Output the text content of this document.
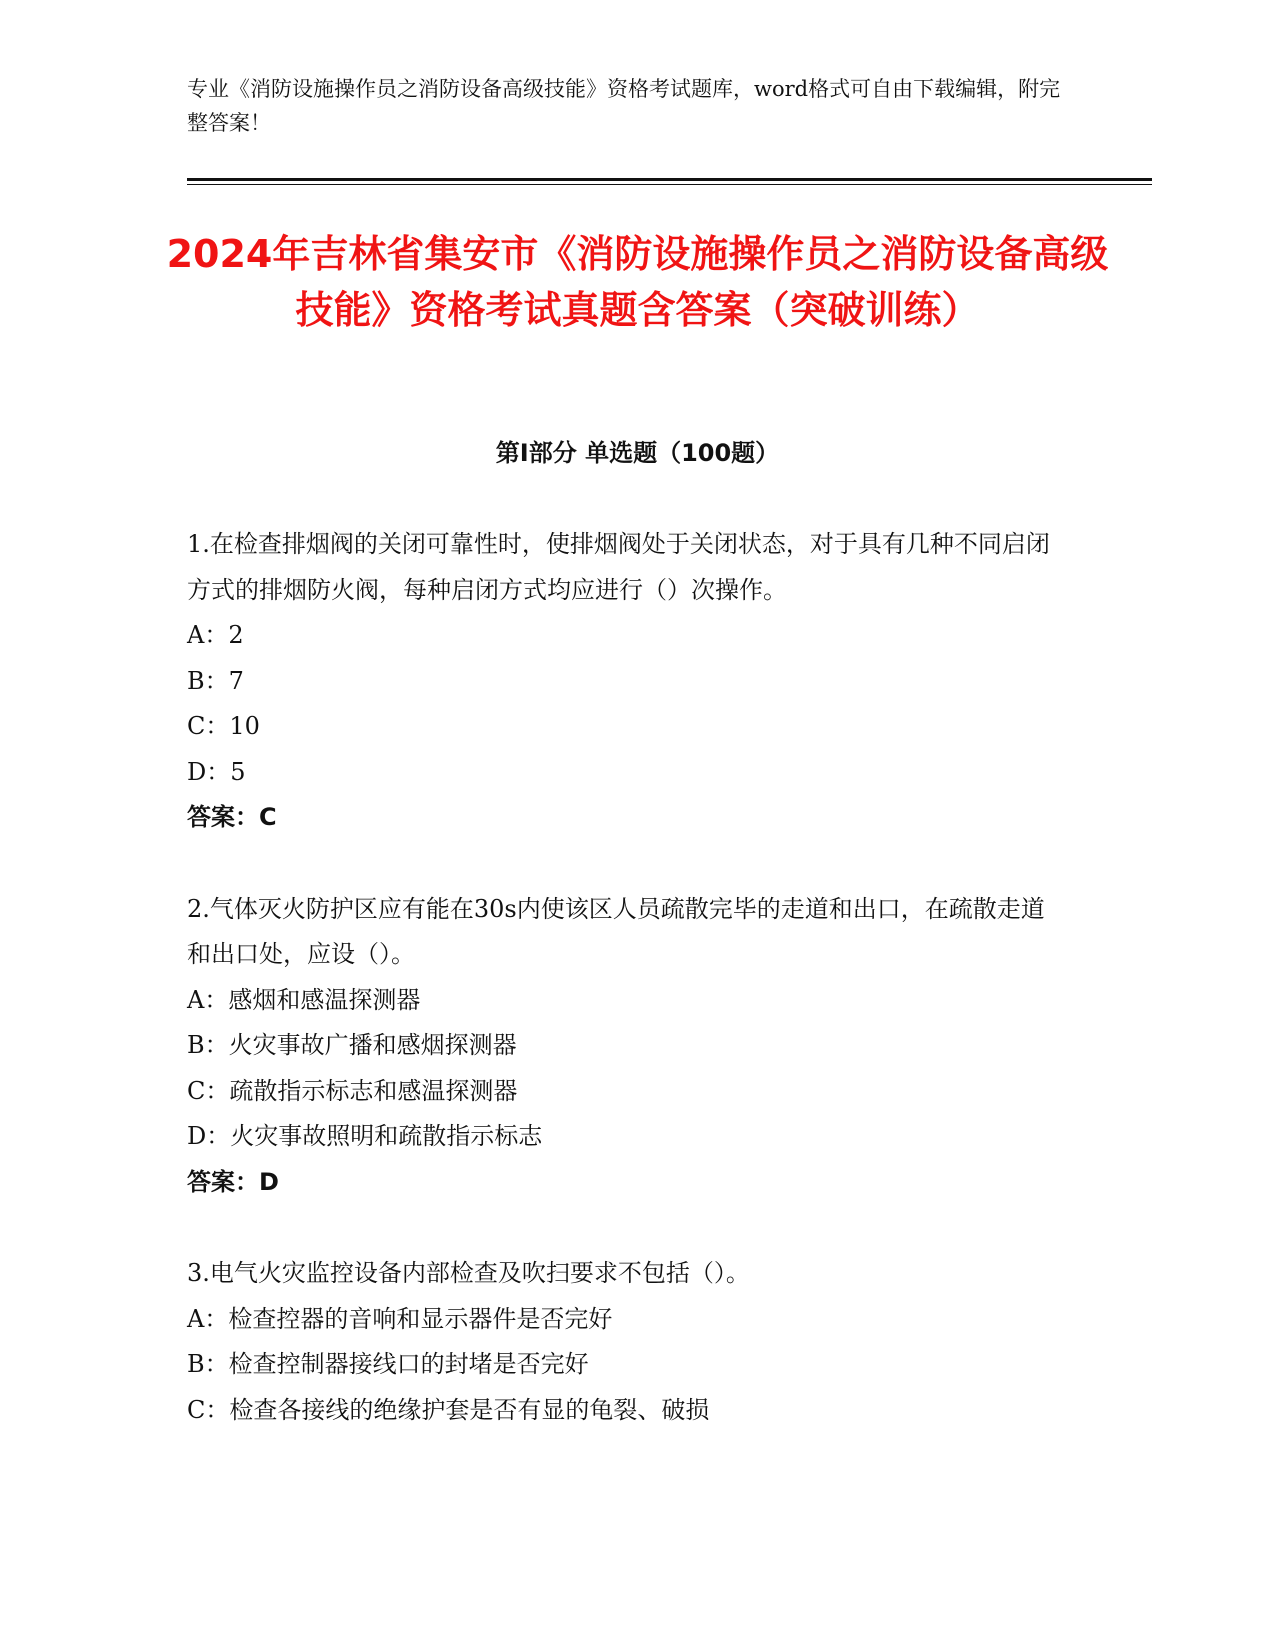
专业《消防设施操作员之消防设备高级技能》资格考试题库，word格式可自由下载编辑，附完整答案！
2024年吉林省集安市《消防设施操作员之消防设备高级技能》资格考试真题含答案（突破训练）
第I部分 单选题（100题）

1.在检查排烟阀的关闭可靠性时，使排烟阀处于关闭状态，对于具有几种不同启闭方式的排烟防火阀，每种启闭方式均应进行（）次操作。

A：2

B：7

C：10

D：5

答案：C

2.气体灭火防护区应有能在30s内使该区人员疏散完毕的走道和出口，在疏散走道和出口处，应设（）。

A：感烟和感温探测器

B：火灾事故广播和感烟探测器

C：疏散指示标志和感温探测器

D：火灾事故照明和疏散指示标志

答案：D

3.电气火灾监控设备内部检查及吹扫要求不包括（）。

A：检查控器的音响和显示器件是否完好

B：检查控制器接线口的封堵是否完好

C：检查各接线的绝缘护套是否有显的龟裂、破损
